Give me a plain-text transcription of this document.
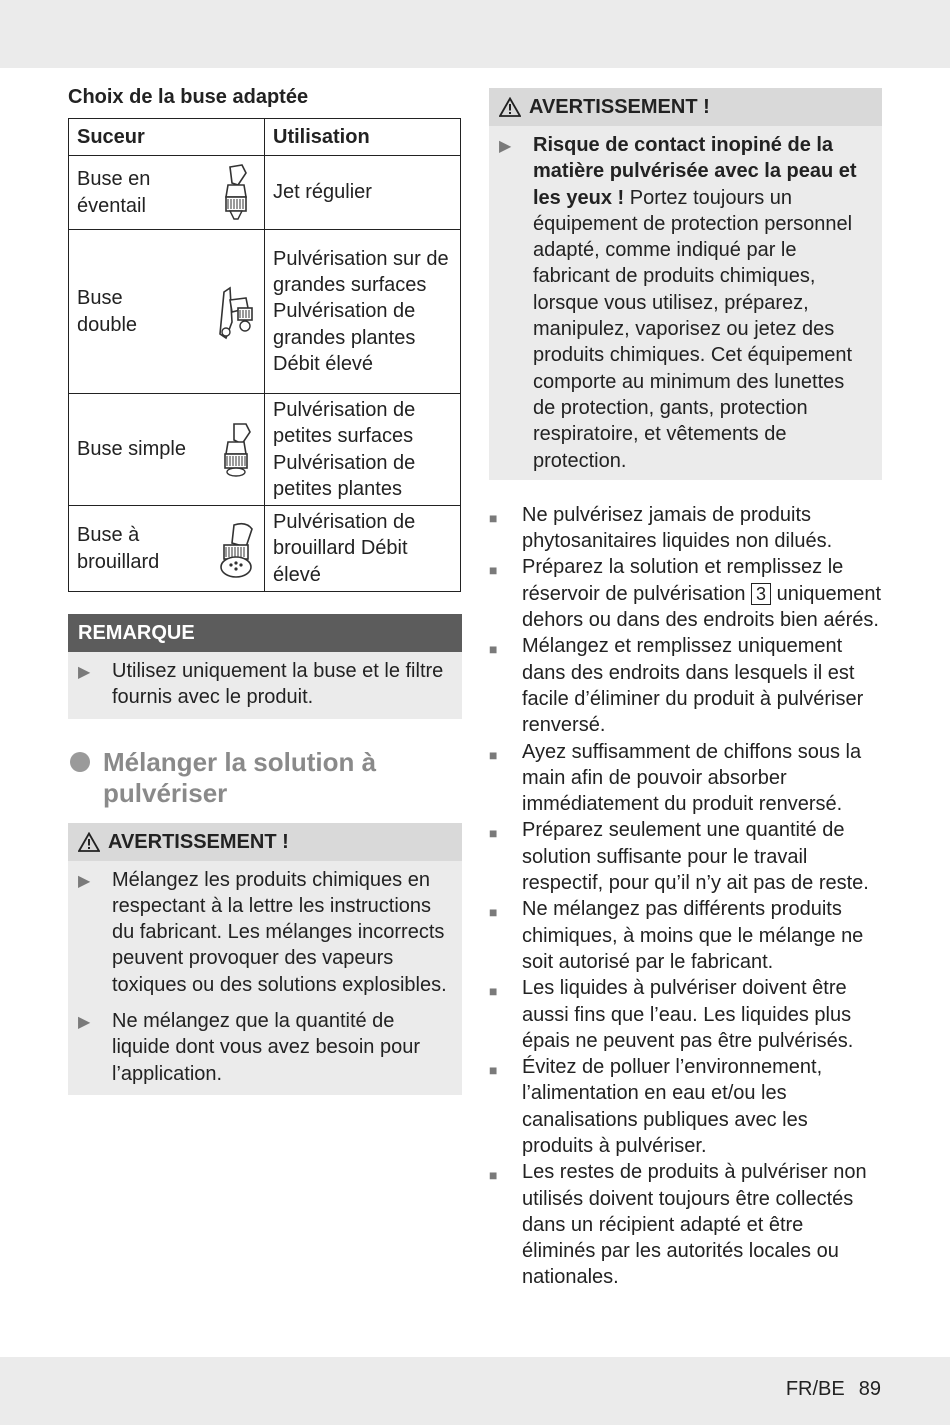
Choix de la buse adaptée
Suceur	Utilisation

Buse en éventail	Jet régulier

Buse double	Pulvérisation sur de grandes surfaces Pulvérisation de grandes plantes Débit élevé

Buse simple	Pulvérisation de petites surfaces Pulvérisation de petites plantes

Buse à brouillard	Pulvérisation de brouillard Débit élevé
REMARQUE
▶	Utilisez uniquement la buse et le filtre fournis avec le produit.
Mélanger la solution à pulvériser
AVERTISSEMENT !
▶	Mélangez les produits chimiques en respectant à la lettre les instructions du fabricant. Les mélanges incorrects peuvent provoquer des vapeurs toxiques ou des solutions explosibles.
▶	Ne mélangez que la quantité de liquide dont vous avez besoin pour l’application.
AVERTISSEMENT !
▶	Risque de contact inopiné de la matière pulvérisée avec la peau et les yeux ! Portez toujours un équipement de protection personnel adapté, comme indiqué par le fabricant de produits chimiques, lorsque vous utilisez, préparez, manipulez, vaporisez ou jetez des produits chimiques. Cet équipement comporte au minimum des lunettes de protection, gants, protection respiratoire, et vêtements de protection.
■	Ne pulvérisez jamais de produits phytosanitaires liquides non dilués.
■	Préparez la solution et remplissez le réservoir de pulvérisation 3 uniquement dehors ou dans des endroits bien aérés.
■	Mélangez et remplissez uniquement dans des endroits dans lesquels il est facile d’éliminer du produit à pulvériser renversé.
■	Ayez suffisamment de chiffons sous la main afin de pouvoir absorber immédiatement du produit renversé.
■	Préparez seulement une quantité de solution suffisante pour le travail respectif, pour qu’il n’y ait pas de reste.
■	Ne mélangez pas différents produits chimiques, à moins que le mélange ne soit autorisé par le fabricant.
■	Les liquides à pulvériser doivent être aussi fins que l’eau. Les liquides plus épais ne peuvent pas être pulvérisés.
■	Évitez de polluer l’environnement, l’alimentation en eau et/ou les canalisations publiques avec les produits à pulvériser.
■	Les restes de produits à pulvériser non utilisés doivent toujours être collectés dans un récipient adapté et être éliminés par les autorités locales ou nationales.
FR/BE 89
